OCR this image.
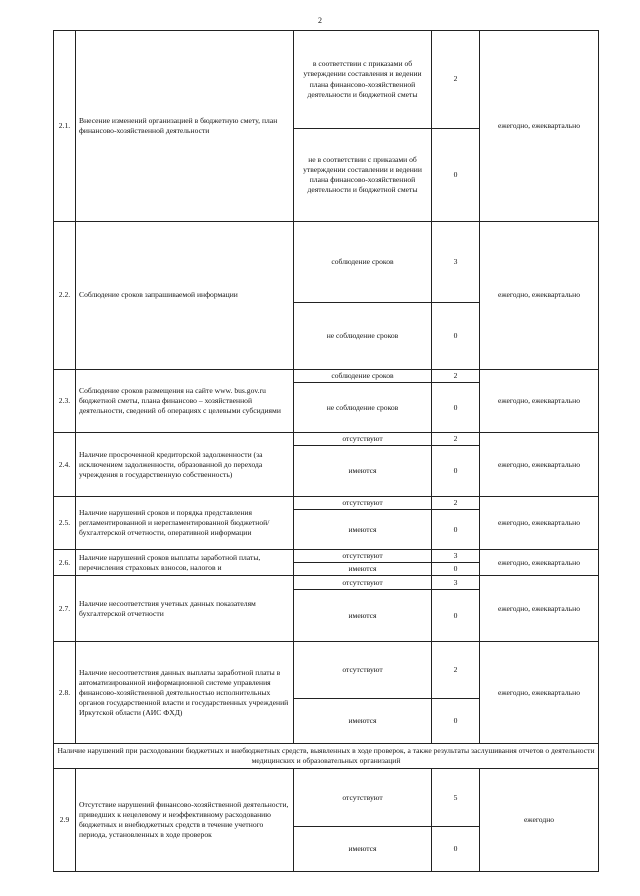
2
2.1.	Внесение изменений организацией в бюджетную смету, план финансово-хозяйственной деятельности	в соответствии с приказами об утверждении составления и ведении плана финансово-хозяйственной деятельности и бюджетной сметы	2	ежегодно, ежеквартально
		не в соответствии с приказами об утверждении составлении и ведении плана финансово-хозяйственной деятельности и бюджетной сметы	0	
2.2.	Соблюдение сроков запрашиваемой информации	соблюдение сроков	3	ежегодно, ежеквартально
		не соблюдение сроков	0	
2.3.	Соблюдение сроков размещения на сайте www. bus.gov.ru бюджетной сметы, плана финансово – хозяйственной деятельности, сведений об операциях с целевыми субсидиями	соблюдение сроков	2	ежегодно, ежеквартально
		не соблюдение сроков	0	
2.4.	Наличие просроченной кредиторской задолженности (за исключением задолженности, образованной до перехода учреждения в государственную собственность)	отсутствуют	2	ежегодно, ежеквартально
		имеются	0	
2.5.	Наличие нарушений сроков и порядка представления регламентированной и нерегламентированной бюджетной/бухгалтерской отчетности, оперативной информации	отсутствуют	2	ежегодно, ежеквартально
		имеются	0	
2.6.	Наличие нарушений сроков выплаты заработной платы, перечисления страховых взносов, налогов и	отсутствуют	3	ежегодно, ежеквартально
		имеются	0	
2.7.	Наличие несоответствия учетных данных показателям бухгалтерской отчетности	отсутствуют	3	ежегодно, ежеквартально
		имеются	0	
2.8.	Наличие несоответствия данных выплаты заработной платы в автоматизированной информационной системе управления финансово-хозяйственной деятельностью исполнительных органов государственной власти и государственных учреждений Иркутской области (АИС ФХД)	отсутствуют	2	ежегодно, ежеквартально
		имеются	0	
Наличие нарушений при расходовании бюджетных и внебюджетных средств, выявленных в ходе проверок, а также результаты заслушивания отчетов о деятельности медицинских и образовательных организаций				
2.9	Отсутствие нарушений финансово-хозяйственной деятельности, приведших к нецелевому и неэффективному расходованию бюджетных и внебюджетных средств в течение учетного периода, установленных в ходе проверок	отсутствуют	5	ежегодно
		имеются	0	
